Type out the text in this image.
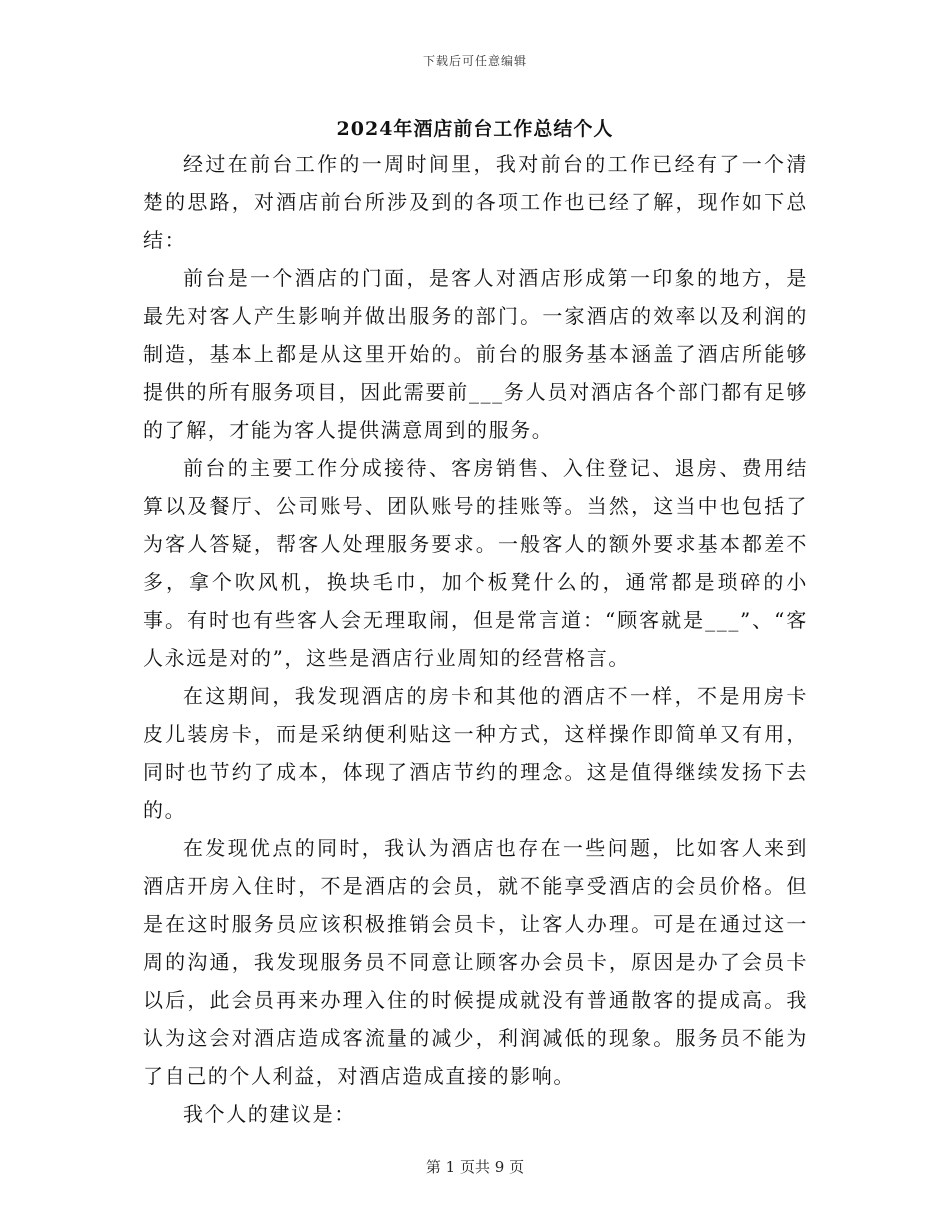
下载后可任意编辑
2024年酒店前台工作总结个人

经过在前台工作的一周时间里，我对前台的工作已经有了一个清楚的思路，对酒店前台所涉及到的各项工作也已经了解，现作如下总结：

前台是一个酒店的门面，是客人对酒店形成第一印象的地方，是最先对客人产生影响并做出服务的部门。一家酒店的效率以及利润的制造，基本上都是从这里开始的。前台的服务基本涵盖了酒店所能够提供的所有服务项目，因此需要前___务人员对酒店各个部门都有足够的了解，才能为客人提供满意周到的服务。

前台的主要工作分成接待、客房销售、入住登记、退房、费用结算以及餐厅、公司账号、团队账号的挂账等。当然，这当中也包括了为客人答疑，帮客人处理服务要求。一般客人的额外要求基本都差不多，拿个吹风机，换块毛巾，加个板凳什么的，通常都是琐碎的小事。有时也有些客人会无理取闹，但是常言道：“顾客就是___”、“客人永远是对的”，这些是酒店行业周知的经营格言。

在这期间，我发现酒店的房卡和其他的酒店不一样，不是用房卡皮儿装房卡，而是采纳便利贴这一种方式，这样操作即简单又有用，同时也节约了成本，体现了酒店节约的理念。这是值得继续发扬下去的。

在发现优点的同时，我认为酒店也存在一些问题，比如客人来到酒店开房入住时，不是酒店的会员，就不能享受酒店的会员价格。但是在这时服务员应该积极推销会员卡，让客人办理。可是在通过这一周的沟通，我发现服务员不同意让顾客办会员卡，原因是办了会员卡以后，此会员再来办理入住的时候提成就没有普通散客的提成高。我认为这会对酒店造成客流量的减少，利润减低的现象。服务员不能为了自己的个人利益，对酒店造成直接的影响。

我个人的建议是：

第 1 页共 9 页
